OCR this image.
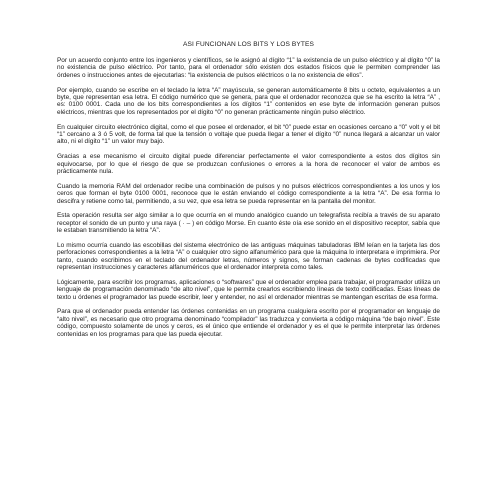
ASI FUNCIONAN LOS BITS Y LOS BYTES

Por un acuerdo conjunto entre los ingenieros y científicos, se le asignó al dígito “1” la existencia de un pulso eléctrico y al dígito “0” la no existencia de pulso eléctrico. Por tanto, para el ordenador sólo existen dos estados físicos que le permiten comprender las órdenes o instrucciones antes de ejecutarlas: “la existencia de pulsos eléctricos o la no existencia de ellos”.

Por ejemplo, cuando se escribe en el teclado la letra “A” mayúscula, se generan automáticamente 8 bits u octeto, equivalentes a un byte, que representan esa letra. El código numérico que se genera, para que el ordenador reconozca que se ha escrito la letra “A” , es: 0100 0001. Cada uno de los bits correspondientes a los dígitos “1” contenidos en ese byte de información generan pulsos eléctricos, mientras que los representados por el dígito “0” no generan prácticamente ningún pulso eléctrico.

En cualquier circuito electrónico digital, como el que posee el ordenador, el bit “0” puede estar en ocasiones cercano a “0” volt y el bit “1” cercano a 3 ó 5 volt, de forma tal que la tensión o voltaje que pueda llegar a tener el dígito “0” nunca llegará a alcanzar un valor alto, ni el dígito “1” un valor muy bajo.

Gracias a ese mecanismo el circuito digital puede diferenciar perfectamente el valor correspondiente a estos dos dígitos sin equivocarse, por lo que el riesgo de que se produzcan confusiones o errores a la hora de reconocer el valor de ambos es prácticamente nula.

Cuando la memoria RAM del ordenador recibe una combinación de pulsos y no pulsos eléctricos correspondientes a los unos y los ceros que forman el byte 0100 0001, reconoce que le están enviando el código correspondiente a la letra “A”. De esa forma lo descifra y retiene como tal, permitiendo, a su vez, que esa letra se pueda representar en la pantalla del monitor.

Esta operación resulta ser algo similar a lo que ocurría en el mundo analógico cuando un telegrafista recibía a través de su aparato receptor el sonido de un punto y una raya ( · – ) en código Morse. En cuanto éste oía ese sonido en el dispositivo receptor, sabía que le estaban transmitiendo la letra “A”.

Lo mismo ocurría cuando las escobillas del sistema electrónico de las antiguas máquinas tabuladoras IBM leían en la tarjeta las dos perforaciones correspondientes a la letra “A” o cualquier otro signo alfanumérico para que la máquina lo interpretara e imprimiera. Por tanto, cuando escribimos en el teclado del ordenador letras, números y signos, se forman cadenas de bytes codificadas que representan instrucciones y caracteres alfanuméricos que el ordenador interpreta como tales.

Lógicamente, para escribir los programas, aplicaciones o “softwares” que el ordenador emplea para trabajar, el programador utiliza un lenguaje de programación denominado “de alto nivel”, que le permite crearlos escribiendo líneas de texto codificadas. Esas líneas de texto u órdenes el programador las puede escribir, leer y entender, no así el ordenador mientras se mantengan escritas de esa forma.

Para que el ordenador pueda entender las órdenes contenidas en un programa cualquiera escrito por el programador en lenguaje de “alto nivel”, es necesario que otro programa denominado “compilador” las traduzca y convierta a código máquina “de bajo nivel”. Este código, compuesto solamente de unos y ceros, es el único que entiende el ordenador y es el que le permite interpretar las órdenes contenidas en los programas para que las pueda ejecutar.
